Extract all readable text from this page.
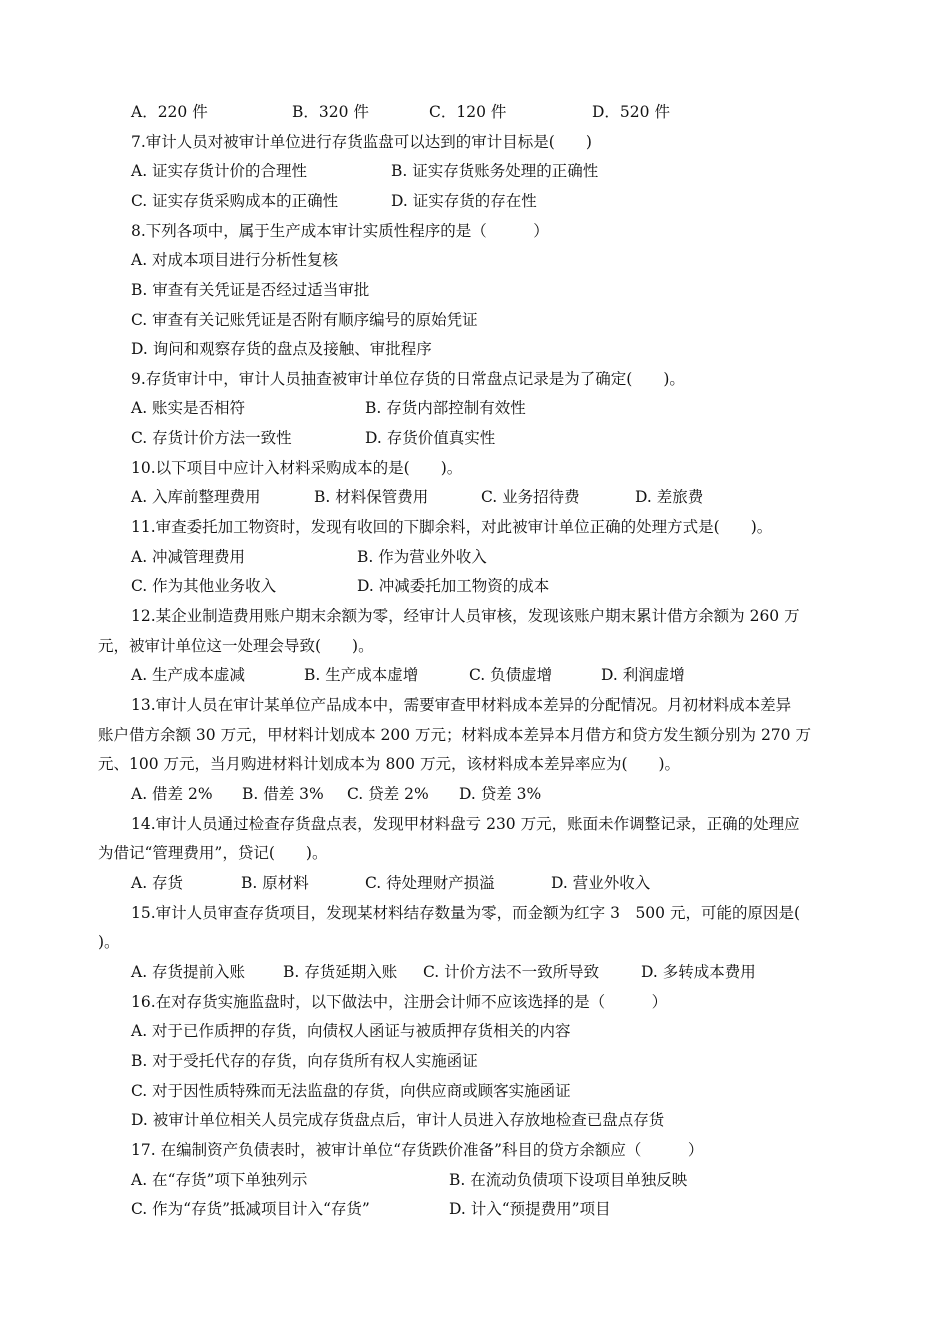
A．220 件	B．320 件	C．120 件	D．520 件
7.审计人员对被审计单位进行存货监盘可以达到的审计目标是(　　)
A. 证实存货计价的合理性	B. 证实存货账务处理的正确性
C. 证实存货采购成本的正确性	D. 证实存货的存在性
8.下列各项中，属于生产成本审计实质性程序的是（　　　）
A. 对成本项目进行分析性复核
B. 审查有关凭证是否经过适当审批
C. 审查有关记账凭证是否附有顺序编号的原始凭证
D. 询问和观察存货的盘点及接触、审批程序
9.存货审计中，审计人员抽查被审计单位存货的日常盘点记录是为了确定(　　)。
A. 账实是否相符	B. 存货内部控制有效性
C. 存货计价方法一致性	D. 存货价值真实性
10.以下项目中应计入材料采购成本的是(　　)。
A. 入库前整理费用	B. 材料保管费用	C. 业务招待费	D. 差旅费
11.审查委托加工物资时，发现有收回的下脚余料，对此被审计单位正确的处理方式是(　　)。
A. 冲减管理费用	B. 作为营业外收入
C. 作为其他业务收入	D. 冲减委托加工物资的成本
12.某企业制造费用账户期末余额为零，经审计人员审核，发现该账户期末累计借方余额为 260 万
元，被审计单位这一处理会导致(　　)。
A. 生产成本虚减	B. 生产成本虚增	C. 负债虚增	D. 利润虚增
13.审计人员在审计某单位产品成本中，需要审查甲材料成本差异的分配情况。月初材料成本差异
账户借方余额 30 万元，甲材料计划成本 200 万元；材料成本差异本月借方和贷方发生额分别为 270 万
元、100 万元，当月购进材料计划成本为 800 万元，该材料成本差异率应为(　　)。
A. 借差 2% B. 借差 3% C. 贷差 2% D. 贷差 3%
14.审计人员通过检查存货盘点表，发现甲材料盘亏 230 万元，账面未作调整记录，正确的处理应
为借记“管理费用”，贷记(　　)。
A. 存货	B. 原材料	C. 待处理财产损溢	D. 营业外收入
15.审计人员审查存货项目，发现某材料结存数量为零，而金额为红字 3　500 元，可能的原因是(
)。
A. 存货提前入账 B. 存货延期入账 C. 计价方法不一致所导致	D. 多转成本费用
16.在对存货实施监盘时，以下做法中，注册会计师不应该选择的是（　　　）
A. 对于已作质押的存货，向债权人函证与被质押存货相关的内容
B. 对于受托代存的存货，向存货所有权人实施函证
C. 对于因性质特殊而无法监盘的存货，向供应商或顾客实施函证
D. 被审计单位相关人员完成存货盘点后，审计人员进入存放地检查已盘点存货
17. 在编制资产负债表时，被审计单位“存货跌价准备”科目的贷方余额应（　　　）
A. 在“存货”项下单独列示	B. 在流动负债项下设项目单独反映
C. 作为“存货”抵减项目计入“存货”	D. 计入“预提费用”项目
